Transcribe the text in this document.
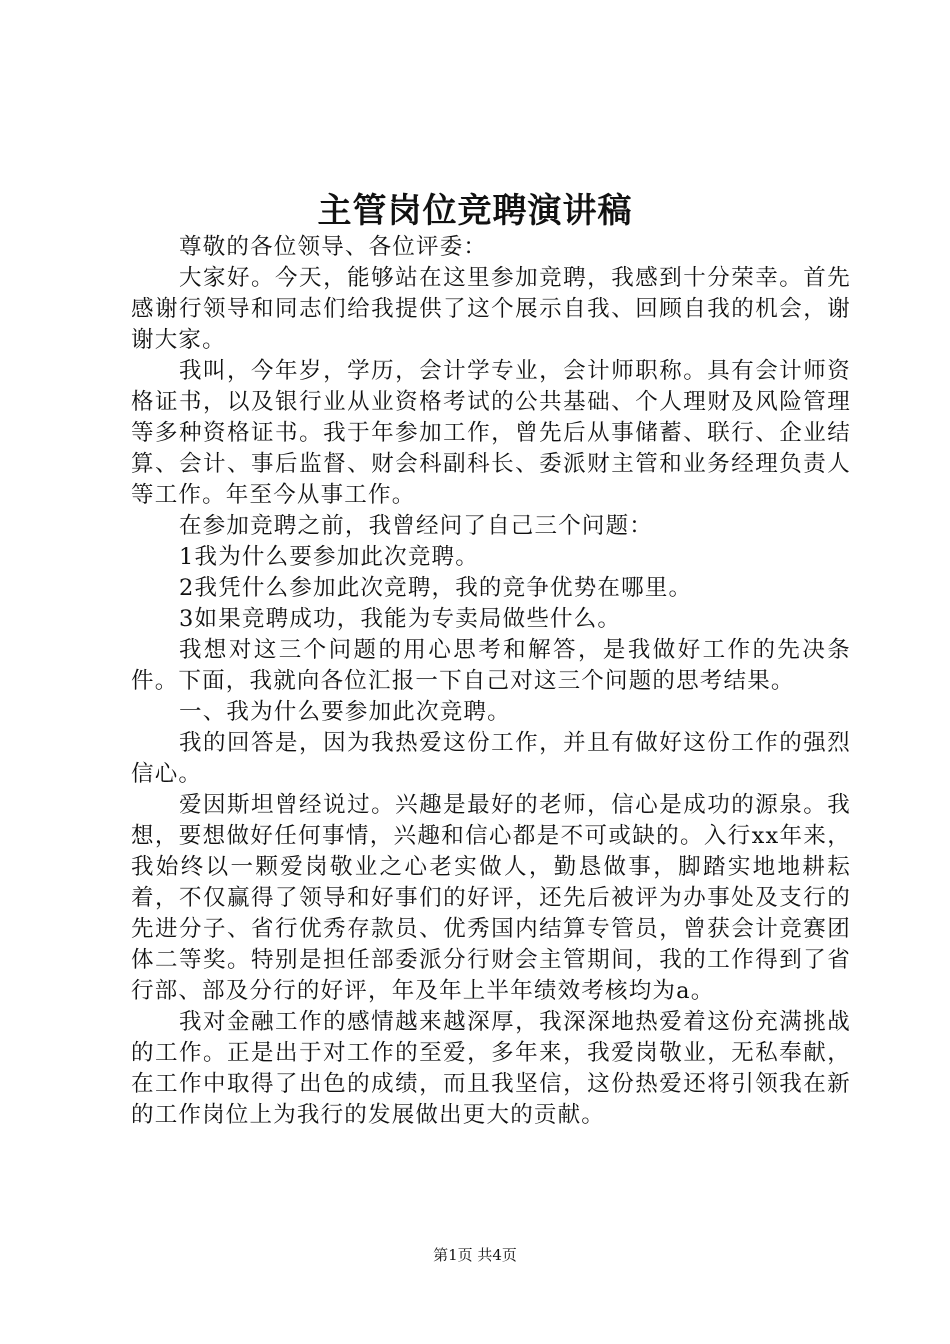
主管岗位竞聘演讲稿

尊敬的各位领导、各位评委：

大家好。今天，能够站在这里参加竞聘，我感到十分荣幸。首先感谢行领导和同志们给我提供了这个展示自我、回顾自我的机会，谢谢大家。

我叫，今年岁，学历，会计学专业，会计师职称。具有会计师资格证书，以及银行业从业资格考试的公共基础、个人理财及风险管理等多种资格证书。我于年参加工作，曾先后从事储蓄、联行、企业结算、会计、事后监督、财会科副科长、委派财主管和业务经理负责人等工作。年至今从事工作。

在参加竞聘之前，我曾经问了自己三个问题：

1我为什么要参加此次竞聘。

2我凭什么参加此次竞聘，我的竞争优势在哪里。

3如果竞聘成功，我能为专卖局做些什么。

我想对这三个问题的用心思考和解答，是我做好工作的先决条件。下面，我就向各位汇报一下自己对这三个问题的思考结果。

一、我为什么要参加此次竞聘。

我的回答是，因为我热爱这份工作，并且有做好这份工作的强烈信心。

爱因斯坦曾经说过。兴趣是最好的老师，信心是成功的源泉。我想，要想做好任何事情，兴趣和信心都是不可或缺的。入行xx年来，我始终以一颗爱岗敬业之心老实做人，勤恳做事，脚踏实地地耕耘着，不仅赢得了领导和好事们的好评，还先后被评为办事处及支行的先进分子、省行优秀存款员、优秀国内结算专管员，曾获会计竞赛团体二等奖。特别是担任部委派分行财会主管期间，我的工作得到了省行部、部及分行的好评，年及年上半年绩效考核均为a。

我对金融工作的感情越来越深厚，我深深地热爱着这份充满挑战的工作。正是出于对工作的至爱，多年来，我爱岗敬业，无私奉献，在工作中取得了出色的成绩，而且我坚信，这份热爱还将引领我在新的工作岗位上为我行的发展做出更大的贡献。

第1页 共4页
